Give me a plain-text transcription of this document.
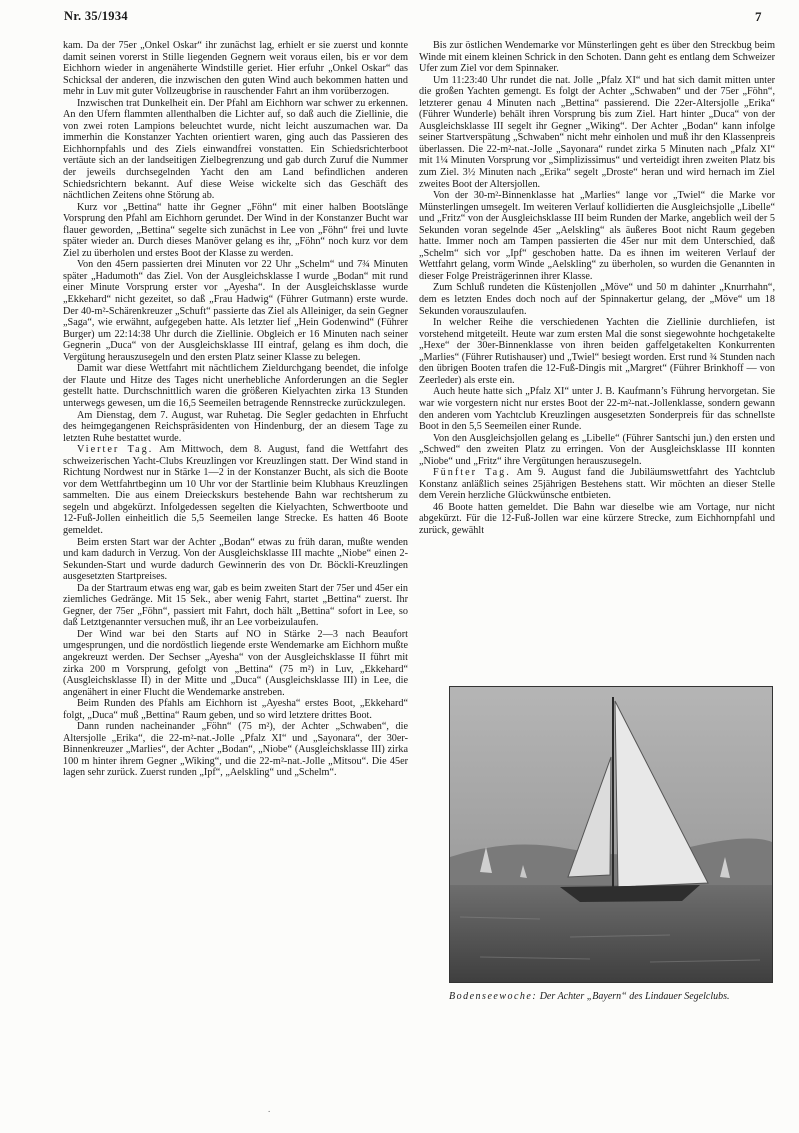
Nr. 35/1934	7

kam. Da der 75er „Onkel Oskar“ ihr zunächst lag, erhielt er sie zuerst und konnte damit seinen vorerst in Stille liegenden Gegnern weit voraus eilen, bis er vor dem Eichhorn wieder in angenäherte Windstille geriet. Hier erfuhr „Onkel Oskar“ das Schicksal der anderen, die inzwischen den guten Wind auch bekommen hatten und mehr in Luv mit guter Vollzeugbrise in rauschender Fahrt an ihm vorüberzogen.

Inzwischen trat Dunkelheit ein. Der Pfahl am Eichhorn war schwer zu erkennen. An den Ufern flammten allenthalben die Lichter auf, so daß auch die Ziellinie, die von zwei roten Lampions beleuchtet wurde, nicht leicht auszumachen war. Da immerhin die Konstanzer Yachten orientiert waren, ging auch das Passieren des Eichhornpfahls und des Ziels einwandfrei vonstatten. Ein Schiedsrichterboot vertäute sich an der landseitigen Zielbegrenzung und gab durch Zuruf die Nummer der jeweils durchsegelnden Yacht den am Land befindlichen anderen Schiedsrichtern bekannt. Auf diese Weise wickelte sich das Geschäft des nächtlichen Zeitens ohne Störung ab.

Kurz vor „Bettina“ hatte ihr Gegner „Föhn“ mit einer halben Bootslänge Vorsprung den Pfahl am Eichhorn gerundet. Der Wind in der Konstanzer Bucht war flauer geworden, „Bettina“ segelte sich zunächst in Lee von „Föhn“ frei und luvte später wieder an. Durch dieses Manöver gelang es ihr, „Föhn“ noch kurz vor dem Ziel zu überholen und erstes Boot der Klasse zu werden.

Von den 45ern passierten drei Minuten vor 22 Uhr „Schelm“ und 7¾ Minuten später „Hadumoth“ das Ziel. Von der Ausgleichsklasse I wurde „Bodan“ mit rund einer Minute Vorsprung erster vor „Ayesha“. In der Ausgleichsklasse wurde „Ekkehard“ nicht gezeitet, so daß „Frau Hadwig“ (Führer Gutmann) erste wurde. Der 40-m²-Schärenkreuzer „Schuft“ passierte das Ziel als Alleiniger, da sein Gegner „Saga“, wie erwähnt, aufgegeben hatte. Als letzter lief „Hein Godenwind“ (Führer Burger) um 22:14:38 Uhr durch die Ziellinie. Obgleich er 16 Minuten nach seiner Gegnerin „Duca“ von der Ausgleichsklasse III eintraf, gelang es ihm doch, die Vergütung herauszusegeln und den ersten Platz seiner Klasse zu belegen.

Damit war diese Wettfahrt mit nächtlichem Zieldurchgang beendet, die infolge der Flaute und Hitze des Tages nicht unerhebliche Anforderungen an die Segler gestellt hatte. Durchschnittlich waren die größeren Kielyachten zirka 13 Stunden unterwegs gewesen, um die 16,5 Seemeilen betragende Rennstrecke zurückzulegen.

Am Dienstag, dem 7. August, war Ruhetag. Die Segler gedachten in Ehrfucht des heimgegangenen Reichspräsidenten von Hindenburg, der an diesem Tage zu letzten Ruhe bestattet wurde.

Vierter Tag. Am Mittwoch, dem 8. August, fand die Wettfahrt des schweizerischen Yacht-Clubs Kreuzlingen vor Kreuzlingen statt. Der Wind stand in Richtung Nordwest nur in Stärke 1—2 in der Konstanzer Bucht, als sich die Boote vor dem Wettfahrtbeginn um 10 Uhr vor der Startlinie beim Klubhaus Kreuzlingen sammelten. Die aus einem Dreieckskurs bestehende Bahn war rechtsherum zu segeln und abgekürzt. Infolgedessen segelten die Kielyachten, Schwertboote und 12-Fuß-Jollen einheitlich die 5,5 Seemeilen lange Strecke. Es hatten 46 Boote gemeldet.

Beim ersten Start war der Achter „Bodan“ etwas zu früh daran, mußte wenden und kam dadurch in Verzug. Von der Ausgleichsklasse III machte „Niobe“ einen 2-Sekunden-Start und wurde dadurch Gewinnerin des von Dr. Böckli-Kreuzlingen ausgesetzten Startpreises.

Da der Startraum etwas eng war, gab es beim zweiten Start der 75er und 45er ein ziemliches Gedränge. Mit 15 Sek., aber wenig Fahrt, startet „Bettina“ zuerst. Ihr Gegner, der 75er „Föhn“, passiert mit Fahrt, doch hält „Bettina“ sofort in Lee, so daß Letztgenannter versuchen muß, ihr an Lee vorbeizulaufen.

Der Wind war bei den Starts auf NO in Stärke 2—3 nach Beaufort umgesprungen, und die nordöstlich liegende erste Wendemarke am Eichhorn mußte angekreuzt werden. Der Sechser „Ayesha“ von der Ausgleichsklasse II führt mit zirka 200 m Vorsprung, gefolgt von „Bettina“ (75 m²) in Luv, „Ekkehard“ (Ausgleichsklasse II) in der Mitte und „Duca“ (Ausgleichsklasse III) in Lee, die angenähert in einer Flucht die Wendemarke anstreben.

Beim Runden des Pfahls am Eichhorn ist „Ayesha“ erstes Boot, „Ekkehard“ folgt, „Duca“ muß „Bettina“ Raum geben, und so wird letztere drittes Boot.

Dann runden nacheinander „Föhn“ (75 m²), der Achter „Schwaben“, die Altersjolle „Erika“, die 22-m²-nat.-Jolle „Pfalz XI“ und „Sayonara“, der 30er-Binnenkreuzer „Marlies“, der Achter „Bodan“, „Niobe“ (Ausgleichsklasse III) zirka 100 m hinter ihrem Gegner „Wiking“, und die 22-m²-nat.-Jolle „Mitsou“. Die 45er lagen sehr zurück. Zuerst runden „Ipf“, „Aelskling“ und „Schelm“.

Bis zur östlichen Wendemarke vor Münsterlingen geht es über den Streckbug beim Winde mit einem kleinen Schrick in den Schoten. Dann geht es entlang dem Schweizer Ufer zum Ziel vor dem Spinnaker.

Um 11:23:40 Uhr rundet die nat. Jolle „Pfalz XI“ und hat sich damit mitten unter die großen Yachten gemengt. Es folgt der Achter „Schwaben“ und der 75er „Föhn“, letzterer genau 4 Minuten nach „Bettina“ passierend. Die 22er-Altersjolle „Erika“ (Führer Wunderle) behält ihren Vorsprung bis zum Ziel. Hart hinter „Duca“ von der Ausgleichsklasse III segelt ihr Gegner „Wiking“. Der Achter „Bodan“ kann infolge seiner Startverspätung „Schwaben“ nicht mehr einholen und muß ihr den Klassenpreis überlassen. Die 22-m²-nat.-Jolle „Sayonara“ rundet zirka 5 Minuten nach „Pfalz XI“ mit 1¼ Minuten Vorsprung vor „Simplizissimus“ und verteidigt ihren zweiten Platz bis zum Ziel. 3½ Minuten nach „Erika“ segelt „Droste“ heran und wird hernach im Ziel zweites Boot der Altersjollen.

Von der 30-m²-Binnenklasse hat „Marlies“ lange vor „Twiel“ die Marke vor Münsterlingen umsegelt. Im weiteren Verlauf kollidierten die Ausgleichsjolle „Libelle“ und „Fritz“ von der Ausgleichsklasse III beim Runden der Marke, angeblich weil der 5 Sekunden voran segelnde 45er „Aelskling“ als äußeres Boot nicht Raum gegeben hatte. Immer noch am Tampen passierten die 45er nur mit dem Unterschied, daß „Schelm“ sich vor „Ipf“ geschoben hatte. Da es ihnen im weiteren Verlauf der Wettfahrt gelang, vorm Winde „Aelskling“ zu überholen, so wurden die Genannten in dieser Folge Preisträgerinnen ihrer Klasse.

Zum Schluß rundeten die Küstenjollen „Möve“ und 50 m dahinter „Knurrhahn“, dem es letzten Endes doch noch auf der Spinnakertur gelang, der „Möve“ um 18 Sekunden vorauszulaufen.

In welcher Reihe die verschiedenen Yachten die Ziellinie durchliefen, ist vorstehend mitgeteilt. Heute war zum ersten Mal die sonst siegewohnte hochgetakelte „Hexe“ der 30er-Binnenklasse von ihren beiden gaffelgetakelten Konkurrenten „Marlies“ (Führer Rutishauser) und „Twiel“ besiegt worden. Erst rund ¾ Stunden nach den übrigen Booten trafen die 12-Fuß-Dingis mit „Margret“ (Führer Brinkhoff — von Zeerleder) als erste ein.

Auch heute hatte sich „Pfalz XI“ unter J. B. Kaufmann’s Führung hervorgetan. Sie war wie vorgestern nicht nur erstes Boot der 22-m²-nat.-Jollenklasse, sondern gewann den anderen vom Yachtclub Kreuzlingen ausgesetzten Sonderpreis für das schnellste Boot in den 5,5 Seemeilen einer Runde.

Von den Ausgleichsjollen gelang es „Libelle“ (Führer Santschi jun.) den ersten und „Schwed“ den zweiten Platz zu erringen. Von der Ausgleichsklasse III konnten „Niobe“ und „Fritz“ ihre Vergütungen herauszusegeln.

Fünfter Tag. Am 9. August fand die Jubiläumswettfahrt des Yachtclub Konstanz anläßlich seines 25jährigen Bestehens statt. Wir möchten an dieser Stelle dem Verein herzliche Glückwünsche entbieten.

46 Boote hatten gemeldet. Die Bahn war dieselbe wie am Vortage, nur nicht abgekürzt. Für die 12-Fuß-Jollen war eine kürzere Strecke, zum Eichhornpfahl und zurück, gewählt

Bodenseewoche: Der Achter „Bayern“ des Lindauer Segelclubs.
.
